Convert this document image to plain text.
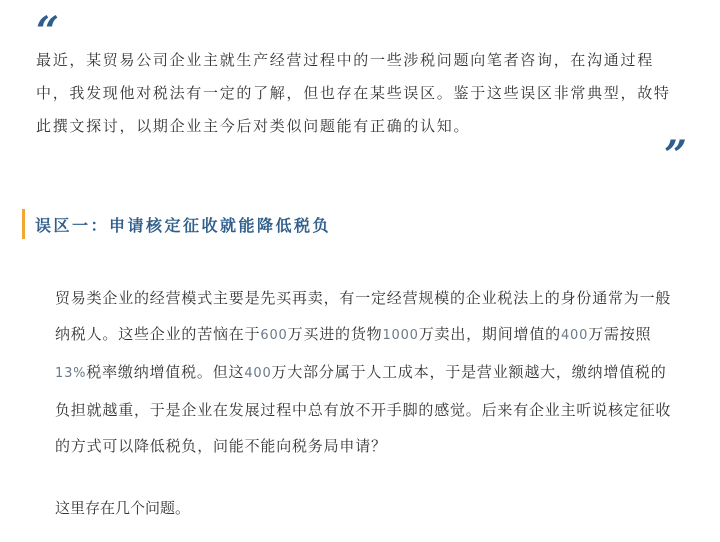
“

最近，某贸易公司企业主就生产经营过程中的一些涉税问题向笔者咨询，在沟通过程中，我发现他对税法有一定的了解，但也存在某些误区。鉴于这些误区非常典型，故特此撰文探讨，以期企业主今后对类似问题能有正确的认知。

”
误区一：申请核定征收就能降低税负

贸易类企业的经营模式主要是先买再卖，有一定经营规模的企业税法上的身份通常为一般纳税人。这些企业的苦恼在于600万买进的货物1000万卖出，期间增值的400万需按照13%税率缴纳增值税。但这400万大部分属于人工成本，于是营业额越大，缴纳增值税的负担就越重，于是企业在发展过程中总有放不开手脚的感觉。后来有企业主听说核定征收的方式可以降低税负，问能不能向税务局申请？

这里存在几个问题。
